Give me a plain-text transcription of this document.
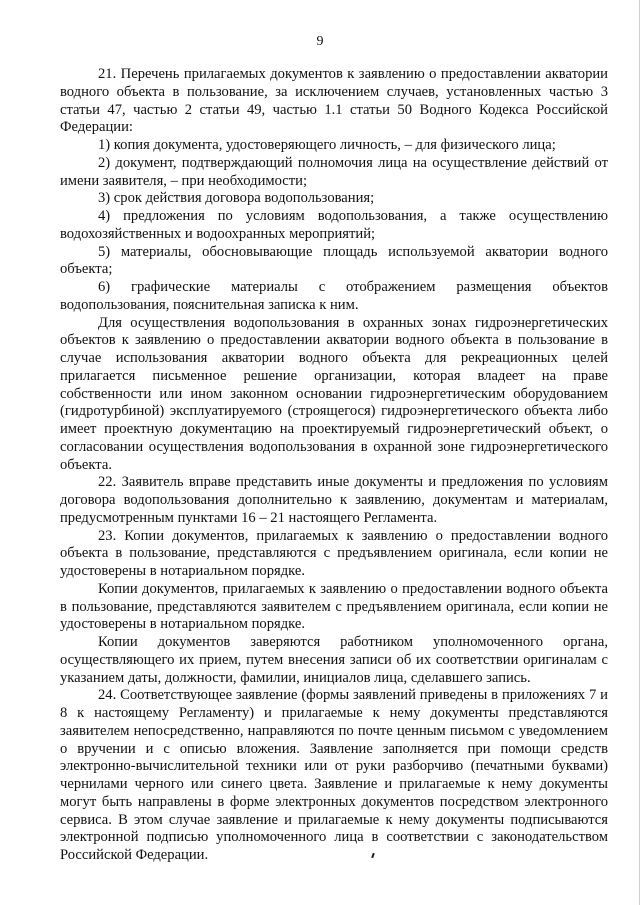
9

21. Перечень прилагаемых документов к заявлению о предоставлении акватории водного объекта в пользование, за исключением случаев, установленных частью 3 статьи 47, частью 2 статьи 49, частью 1.1 статьи 50 Водного Кодекса Российской Федерации:

1) копия документа, удостоверяющего личность, – для физического лица;

2) документ, подтверждающий полномочия лица на осуществление действий от имени заявителя, – при необходимости;

3) срок действия договора водопользования;

4) предложения по условиям водопользования, а также осуществлению водохозяйственных и водоохранных мероприятий;

5) материалы, обосновывающие площадь используемой акватории водного объекта;

6) графические материалы с отображением размещения объектов водопользования, пояснительная записка к ним.

Для осуществления водопользования в охранных зонах гидроэнергетических объектов к заявлению о предоставлении акватории водного объекта в пользование в случае использования акватории водного объекта для рекреационных целей прилагается письменное решение организации, которая владеет на праве собственности или ином законном основании гидроэнергетическим оборудованием (гидротурбиной) эксплуатируемого (строящегося) гидроэнергетического объекта либо имеет проектную документацию на проектируемый гидроэнергетический объект, о согласовании осуществления водопользования в охранной зоне гидроэнергетического объекта.

22. Заявитель вправе представить иные документы и предложения по условиям договора водопользования дополнительно к заявлению, документам и материалам, предусмотренным пунктами 16 – 21 настоящего Регламента.

23. Копии документов, прилагаемых к заявлению о предоставлении водного объекта в пользование, представляются с предъявлением оригинала, если копии не удостоверены в нотариальном порядке.

Копии документов, прилагаемых к заявлению о предоставлении водного объекта в пользование, представляются заявителем с предъявлением оригинала, если копии не удостоверены в нотариальном порядке.

Копии документов заверяются работником уполномоченного органа, осуществляющего их прием, путем внесения записи об их соответствии оригиналам с указанием даты, должности, фамилии, инициалов лица, сделавшего запись.

24. Соответствующее заявление (формы заявлений приведены в приложениях 7 и 8 к настоящему Регламенту) и прилагаемые к нему документы представляются заявителем непосредственно, направляются по почте ценным письмом с уведомлением о вручении и с описью вложения. Заявление заполняется при помощи средств электронно-вычислительной техники или от руки разборчиво (печатными буквами) чернилами черного или синего цвета. Заявление и прилагаемые к нему документы могут быть направлены в форме электронных документов посредством электронного сервиса. В этом случае заявление и прилагаемые к нему документы подписываются электронной подписью уполномоченного лица в соответствии с законодательством Российской Федерации.
